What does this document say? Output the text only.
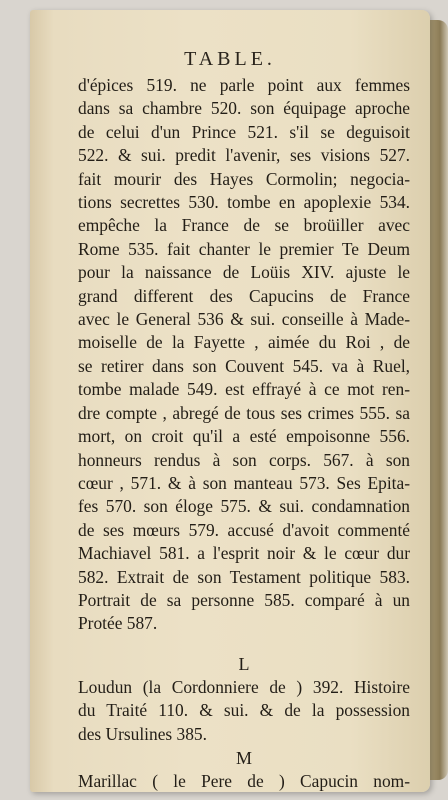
TABLE.
d'épices 519. ne parle point aux femmes
dans sa chambre 520. son équipage aproche
de celui d'un Prince 521. s'il se deguisoit
522. & sui. predit l'avenir, ses visions 527.
fait mourir des Hayes Cormolin; negocia-
tions secrettes 530. tombe en apoplexie 534.
empêche la France de se broüiller avec
Rome 535. fait chanter le premier Te Deum
pour la naissance de Loüis XIV. ajuste le
grand different des Capucins de France
avec le General 536 & sui. conseille à Made-
moiselle de la Fayette , aimée du Roi , de
se retirer dans son Couvent 545. va à Ruel,
tombe malade 549. est effrayé à ce mot ren-
dre compte , abregé de tous ses crimes 555. sa
mort, on croit qu'il a esté empoisonne 556.
honneurs rendus à son corps. 567. à son
cœur , 571. & à son manteau 573. Ses Epita-
fes 570. son éloge 575. & sui. condamnation
de ses mœurs 579. accusé d'avoit commenté
Machiavel 581. a l'esprit noir & le cœur dur
582. Extrait de son Testament politique 583.
Portrait de sa personne 585. comparé à un
Protée 587.
L
Loudun (la Cordonniere de ) 392. Histoire
du Traité 110. & sui. & de la possession
des Ursulines 385.
M
Marillac ( le Pere de ) Capucin nom-
